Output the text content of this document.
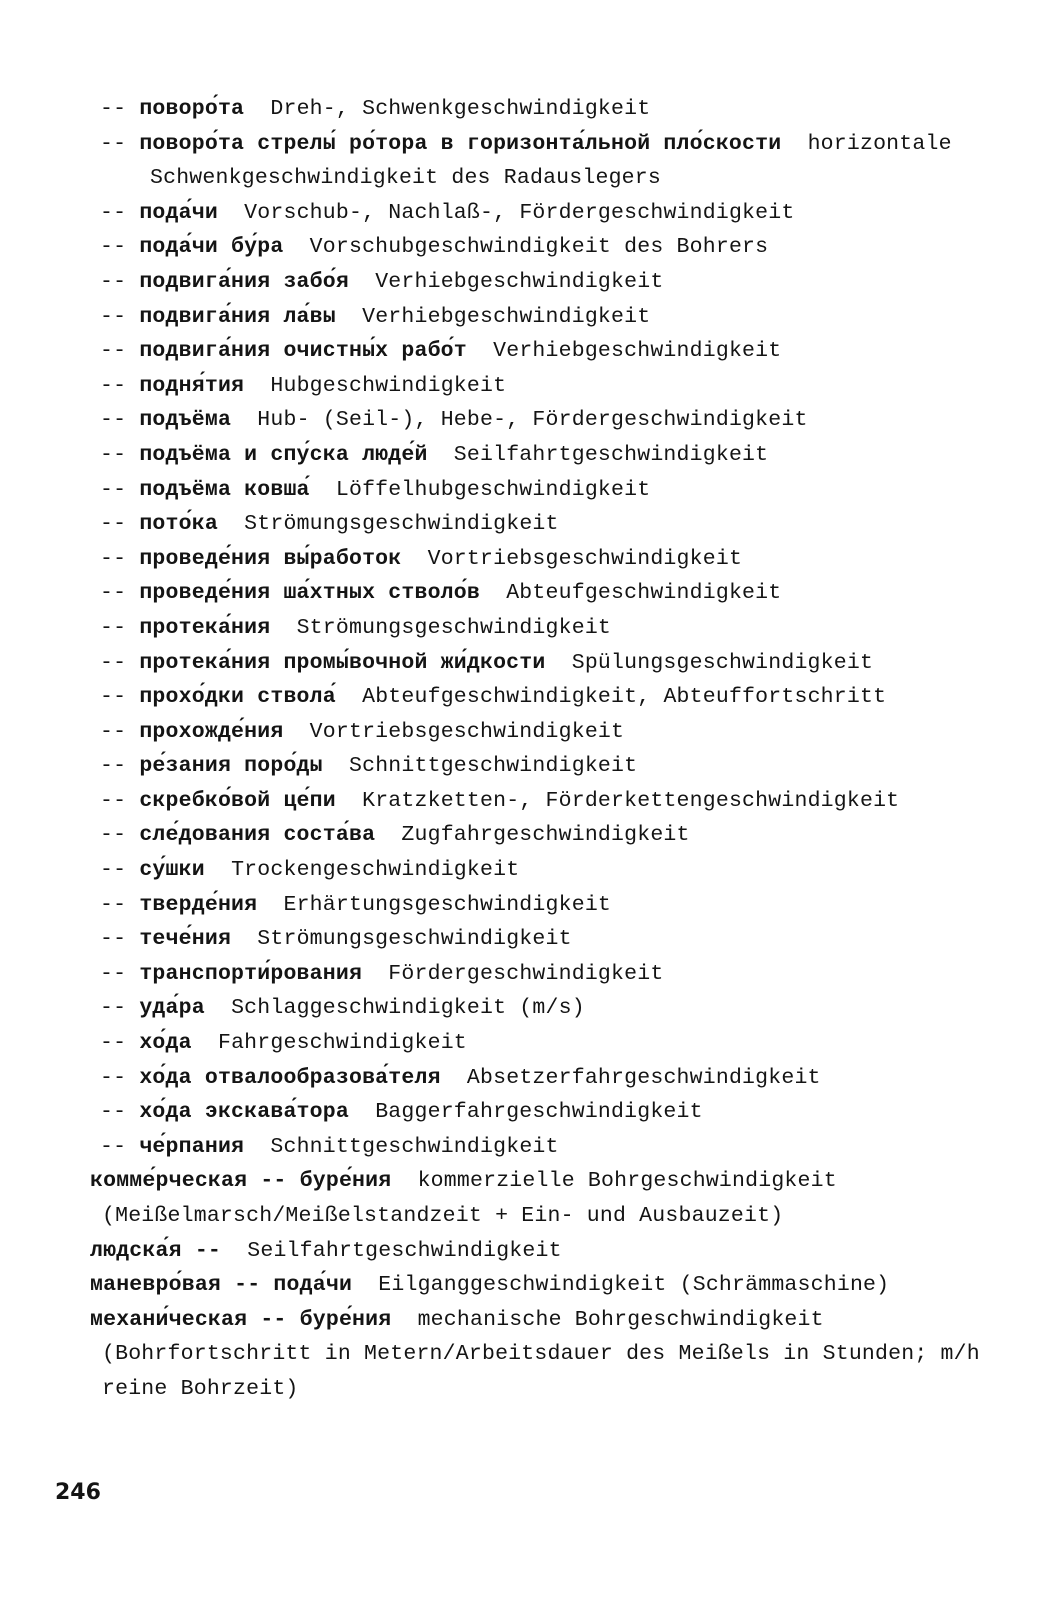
-- поворо́та Dreh-, Schwenkgeschwindigkeit
-- поворо́та стрелы́ ро́тора в горизонта́льной пло́скости horizontale Schwenkgeschwindigkeit des Radauslegers
-- пода́чи Vorschub-, Nachlaß-, Fördergeschwindigkeit
-- пода́чи бу́ра Vorschubgeschwindigkeit des Bohrers
-- подвига́ния забо́я Verhiebgeschwindigkeit
-- подвига́ния ла́вы Verhiebgeschwindigkeit
-- подвига́ния очистны́х рабо́т Verhiebgeschwindigkeit
-- подня́тия Hubgeschwindigkeit
-- подъёма Hub- (Seil-), Hebe-, Fördergeschwindigkeit
-- подъёма и спу́ска люде́й Seilfahrtgeschwindigkeit
-- подъёма ковша́ Löffelhubgeschwindigkeit
-- пото́ка Strömungsgeschwindigkeit
-- проведе́ния вы́работок Vortriebsgeschwindigkeit
-- проведе́ния ша́хтных стволо́в Abteufgeschwindigkeit
-- протека́ния Strömungsgeschwindigkeit
-- протека́ния промы́вочной жи́дкости Spülungsgeschwindigkeit
-- прохо́дки ствола́ Abteufgeschwindigkeit, Abteuffortschritt
-- прохожде́ния Vortriebsgeschwindigkeit
-- ре́зания поро́ды Schnittgeschwindigkeit
-- скребко́вой це́пи Kratzketten-, Förderkettengeschwindigkeit
-- сле́дования соста́ва Zugfahrgeschwindigkeit
-- су́шки Trockengeschwindigkeit
-- тверде́ния Erhärtungsgeschwindigkeit
-- тече́ния Strömungsgeschwindigkeit
-- транспорти́рования Fördergeschwindigkeit
-- уда́ра Schlaggeschwindigkeit (m/s)
-- хо́да Fahrgeschwindigkeit
-- хо́да отвалообразова́теля Absetzerfahrgeschwindigkeit
-- хо́да экскава́тора Baggerfahrgeschwindigkeit
-- че́рпания Schnittgeschwindigkeit
комме́рческая -- буре́ния kommerzielle Bohrgeschwindigkeit (Meißelmarsch/Meißelstandzeit + Ein- und Ausbauzeit)
людска́я -- Seilfahrtgeschwindigkeit
маневро́вая -- пода́чи Eilganggeschwindigkeit (Schrämmaschine)
механи́ческая -- буре́ния mechanische Bohrgeschwindigkeit (Bohrfortschritt in Metern/Arbeitsdauer des Meißels in Stunden; m/h reine Bohrzeit)
246
